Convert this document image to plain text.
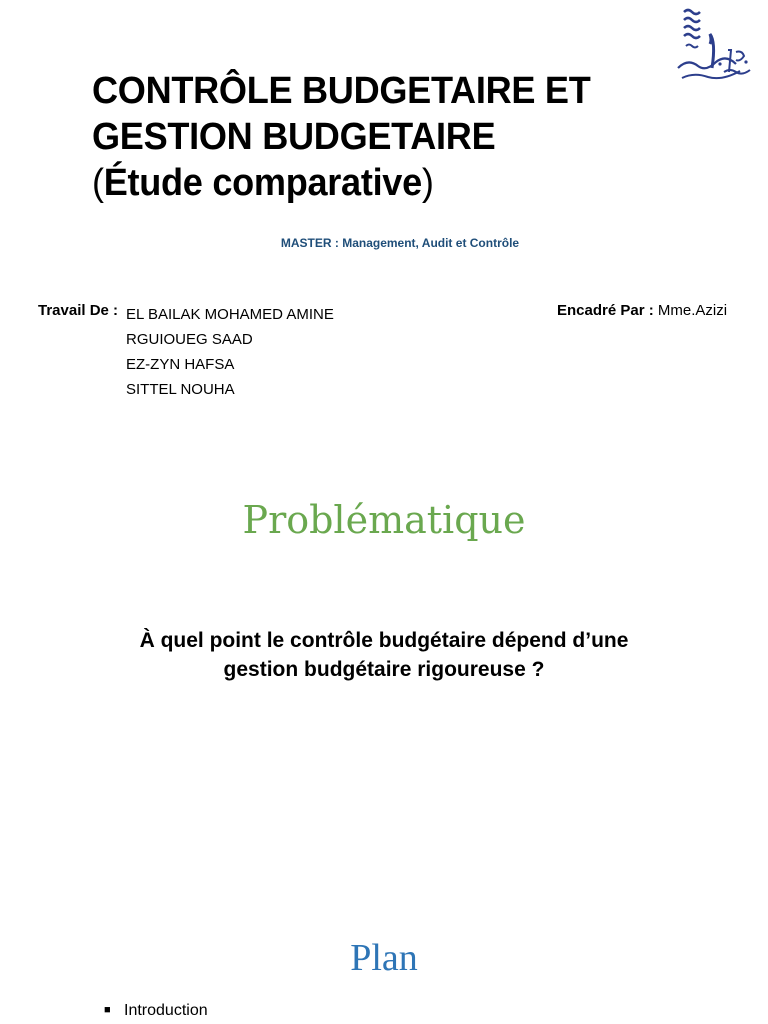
CONTRÔLE BUDGETAIRE ET
GESTION BUDGETAIRE
(Étude comparative)
MASTER : Management, Audit et Contrôle
Travail De : EL BAILAK MOHAMED AMINE
RGUIOUEG SAAD
EZ-ZYN HAFSA
SITTEL NOUHA
Encadré Par : Mme.Azizi
Problématique
À quel point le contrôle budgétaire dépend d’une
gestion budgétaire rigoureuse ?
Plan
■ Introduction
